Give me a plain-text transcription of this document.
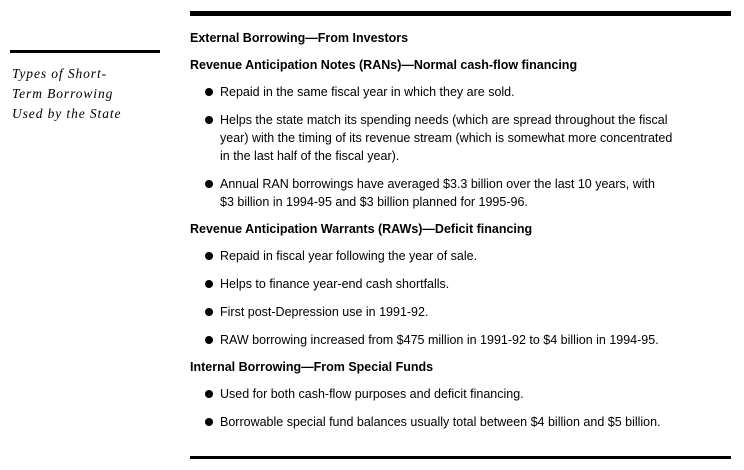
Types of Short-
Term Borrowing
Used by the State
External Borrowing—From Investors
Revenue Anticipation Notes (RANs)—Normal cash-flow financing
Repaid in the same fiscal year in which they are sold.
Helps the state match its spending needs (which are spread throughout the fiscal
year) with the timing of its revenue stream (which is somewhat more concentrated
in the last half of the fiscal year).
Annual RAN borrowings have averaged $3.3 billion over the last 10 years, with
$3 billion in 1994-95 and $3 billion planned for 1995-96.
Revenue Anticipation Warrants (RAWs)—Deficit financing
Repaid in fiscal year following the year of sale.
Helps to finance year-end cash shortfalls.
First post-Depression use in 1991-92.
RAW borrowing increased from $475 million in 1991-92 to $4 billion in 1994-95.
Internal Borrowing—From Special Funds
Used for both cash-flow purposes and deficit financing.
Borrowable special fund balances usually total between $4 billion and $5 billion.
